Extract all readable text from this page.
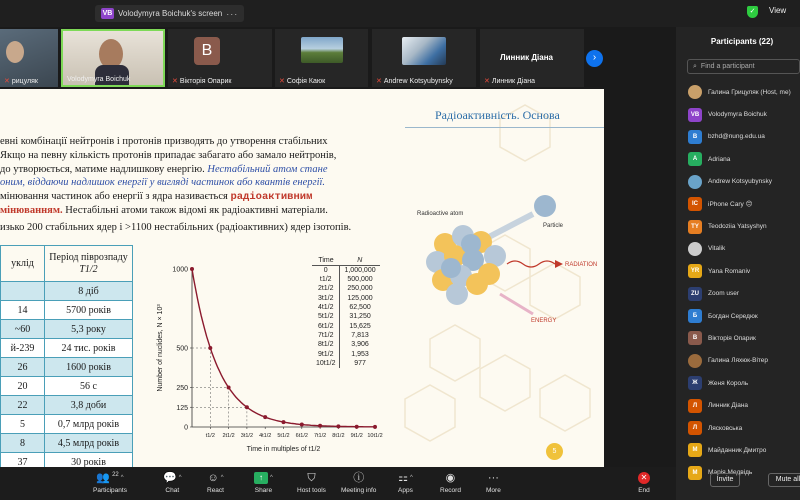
VB Volodymyra Boichuk's screen ···	✓	View
✕ рицуляк	Volodymyra Boichuk
B
✕ Вікторія Опарик	✕ Софія Каюк	✕ Andrew Kotsyubynsky
Линник Діана
✕ Линник Діана
›
Радіоактивність. Основа
евні комбінації нейтронів і протонів призводять до утворення стабільних
Якщо на певну кількість протонів припадає забагато або замало нейтронів,
до утворюється, матиме надлишкову енергію. Нестабільний атом стане
оним, віддаючи надлишок енергії у вигляді частинок або квантів енергії.
мінювання частинок або енергії з ядра називається радіоактивним
мінюванням. Нестабільні атоми також відомі як радіоактивні матеріали.
изько 200 стабільних ядер і >1100 нестабільних (радіоактивних) ядер ізотопів.
уклід	Період піврозпаду
T1/2
	8 діб
14	5700 років
~60	5,3 року
й-239	24 тис. років
26	1600 років
20	56 с
22	3,8 доби
5	0,7 млрд років
8	4,5 млрд років
37	30 років
0
125
250
500
1000
t1/2 2t1/2 3t1/2 4t1/2 5t1/2 6t1/2 7t1/2 8t1/2 9t1/2 10t1/2
Time in multiples of t1/2
Number of nuclides, N × 10³
Time	N
0	1,000,000
t1/2	500,000
2t1/2	250,000
3t1/2	125,000
4t1/2	62,500
5t1/2	31,250
6t1/2	15,625
7t1/2	7,813
8t1/2	3,906
9t1/2	1,953
10t1/2	977
Radioactive atom
Particle
RADIATION
ENERGY
5
Participants (22)
⌕ Find a participant
Галина Грицуляк (Host, me)
VB	Volodymyra Boichuk
B	bzhd@nung.edu.ua
A	Adriana
Andrew Kotsyubynsky
IC	iPhone Cary 🙃
TY	Teodoziia Yatsyshyn
Vitalik
YR	Yana Romaniv
ZU	Zoom user
Б	Богдан Середюк
В	Вікторія Опарик
Галина Ляхюк-Вітер
Ж	Женя Король
Л	Линник Діана
Л	Лясковська
М	Майданник Дмитро
М	Марія Медвідь
Invite	Mute all
👥 22 ^
Participants
💬 ^
Chat
☺ ^
React
↑	^
Share
⛉
Host tools
ⓘ
Meeting info
⚏ ^
Apps
◉
Record
···
More
✕
End
